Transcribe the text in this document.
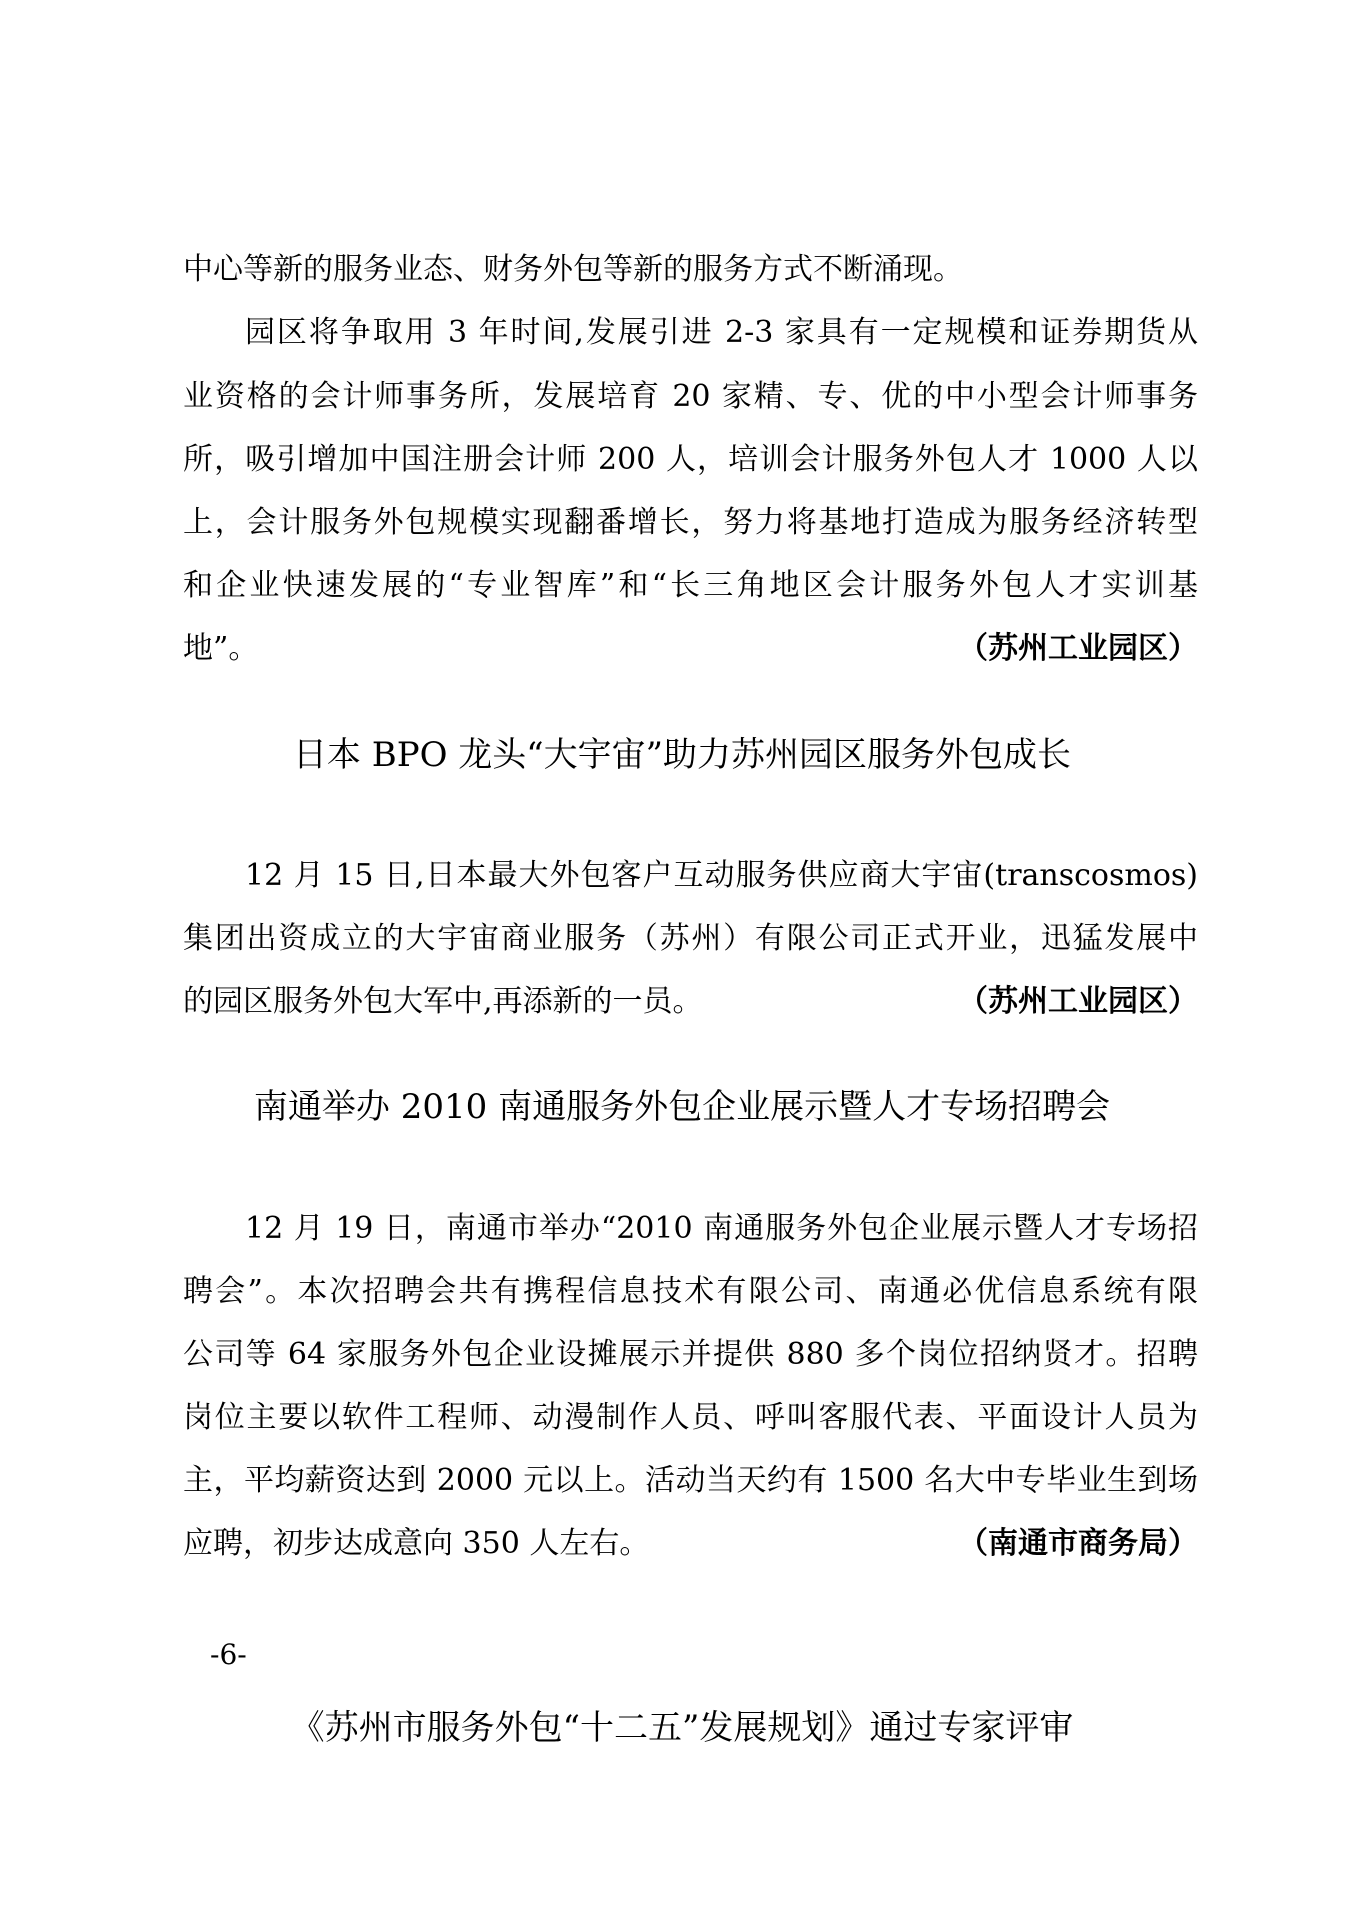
中心等新的服务业态、财务外包等新的服务方式不断涌现。
园区将争取用 3 年时间,发展引进 2-3 家具有一定规模和证券期货从
业资格的会计师事务所，发展培育 20 家精、专、优的中小型会计师事务
所，吸引增加中国注册会计师 200 人，培训会计服务外包人才 1000 人以
上，会计服务外包规模实现翻番增长，努力将基地打造成为服务经济转型
和企业快速发展的“专业智库”和“长三角地区会计服务外包人才实训基
地”。	（苏州工业园区）
日本 BPO 龙头“大宇宙”助力苏州园区服务外包成长
12 月 15 日,日本最大外包客户互动服务供应商大宇宙(transcosmos)
集团出资成立的大宇宙商业服务（苏州）有限公司正式开业，迅猛发展中
的园区服务外包大军中,再添新的一员。	（苏州工业园区）
南通举办 2010 南通服务外包企业展示暨人才专场招聘会
12 月 19 日，南通市举办“2010 南通服务外包企业展示暨人才专场招
聘会”。本次招聘会共有携程信息技术有限公司、南通必优信息系统有限
公司等 64 家服务外包企业设摊展示并提供 880 多个岗位招纳贤才。招聘
岗位主要以软件工程师、动漫制作人员、呼叫客服代表、平面设计人员为
主，平均薪资达到 2000 元以上。活动当天约有 1500 名大中专毕业生到场
应聘，初步达成意向 350 人左右。	（南通市商务局）
-6-
《苏州市服务外包“十二五”发展规划》通过专家评审
